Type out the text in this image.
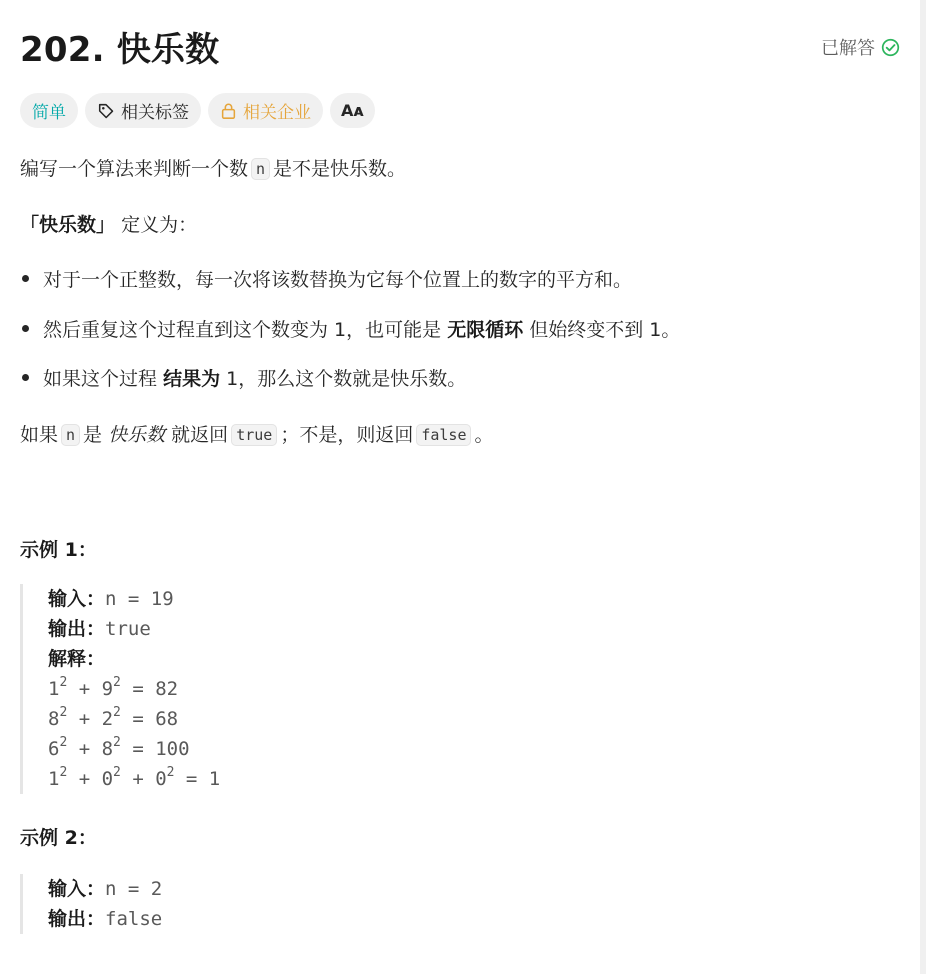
202. 快乐数	已解答
简单	相关标签	相关企业 Aᴀ
编写一个算法来判断一个数 n 是不是快乐数。
「快乐数」 定义为：
对于一个正整数，每一次将该数替换为它每个位置上的数字的平方和。
然后重复这个过程直到这个数变为 1，也可能是 无限循环 但始终变不到 1。
如果这个过程 结果为 1，那么这个数就是快乐数。
如果 n 是 快乐数 就返回 true ；不是，则返回 false 。
示例 1：
输入：n = 19
输出：true
解释：
$1^2 + 9^2 = 82$
$8^2 + 2^2 = 68$
$6^2 + 8^2 = 100$
$1^2 + 0^2 + 0^2 = 1$
示例 2：
输入：n = 2
输出：false
